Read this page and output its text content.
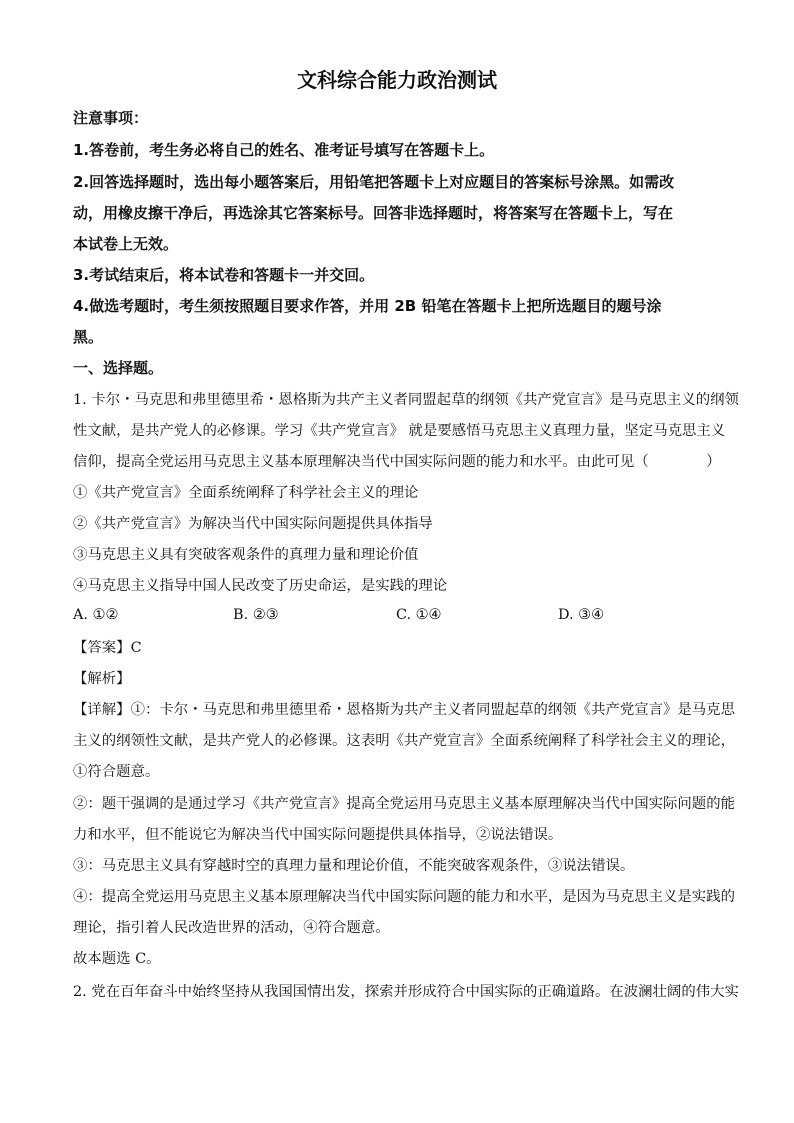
文科综合能力政治测试
注意事项：
1.答卷前，考生务必将自己的姓名、准考证号填写在答题卡上。
2.回答选择题时，选出每小题答案后，用铅笔把答题卡上对应题目的答案标号涂黑。如需改
动，用橡皮擦干净后，再选涂其它答案标号。回答非选择题时，将答案写在答题卡上，写在
本试卷上无效。
3.考试结束后，将本试卷和答题卡一并交回。
4.做选考题时，考生须按照题目要求作答，并用 2B 铅笔在答题卡上把所选题目的题号涂
黑。
一、选择题。
1. 卡尔・马克思和弗里德里希・恩格斯为共产主义者同盟起草的纲领《共产党宣言》是马克思主义的纲领
性文献，是共产党人的必修课。学习《共产党宣言》 就是要感悟马克思主义真理力量，坚定马克思主义
信仰，提高全党运用马克思主义基本原理解决当代中国实际问题的能力和水平。由此可见（　　　　）
①《共产党宣言》全面系统阐释了科学社会主义的理论
②《共产党宣言》为解决当代中国实际问题提供具体指导
③马克思主义具有突破客观条件的真理力量和理论价值
④马克思主义指导中国人民改变了历史命运，是实践的理论
A. ①②	B. ②③	C. ①④	D. ③④
【答案】C
【解析】
【详解】①：卡尔・马克思和弗里德里希・恩格斯为共产主义者同盟起草的纲领《共产党宣言》是马克思
主义的纲领性文献，是共产党人的必修课。这表明《共产党宣言》全面系统阐释了科学社会主义的理论，
①符合题意。
②：题干强调的是通过学习《共产党宣言》提高全党运用马克思主义基本原理解决当代中国实际问题的能
力和水平，但不能说它为解决当代中国实际问题提供具体指导，②说法错误。
③：马克思主义具有穿越时空的真理力量和理论价值，不能突破客观条件，③说法错误。
④：提高全党运用马克思主义基本原理解决当代中国实际问题的能力和水平，是因为马克思主义是实践的
理论，指引着人民改造世界的活动，④符合题意。
故本题选 C。
2. 党在百年奋斗中始终坚持从我国国情出发，探索并形成符合中国实际的正确道路。在波澜壮阔的伟大实
